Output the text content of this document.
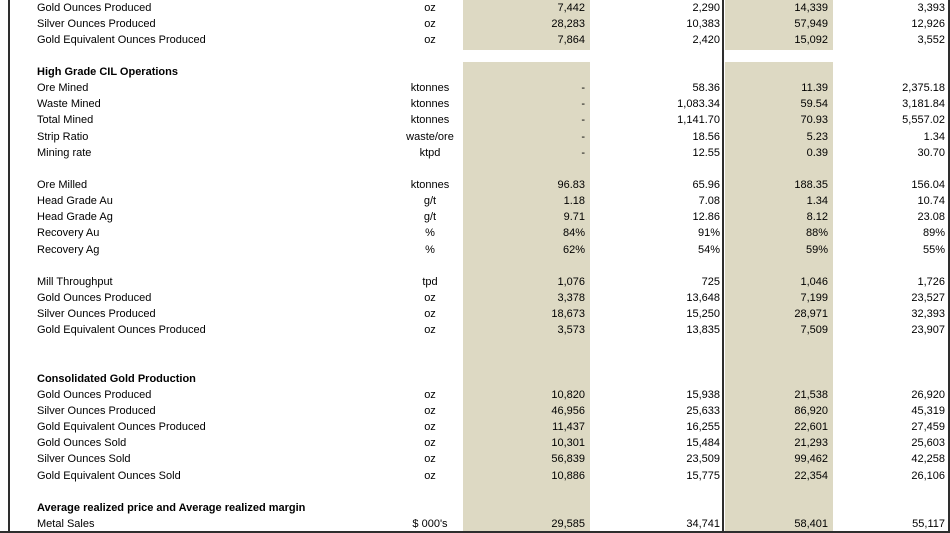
Gold Ounces Produced	oz	7,442	2,290	14,339	3,393
Silver Ounces Produced	oz	28,283	10,383	57,949	12,926
Gold Equivalent Ounces Produced	oz	7,864	2,420	15,092	3,552
High Grade CIL Operations
Ore Mined	ktonnes	-	58.36	11.39	2,375.18
Waste Mined	ktonnes	-	1,083.34	59.54	3,181.84
Total Mined	ktonnes	-	1,141.70	70.93	5,557.02
Strip Ratio	waste/ore	-	18.56	5.23	1.34
Mining rate	ktpd	-	12.55	0.39	30.70
Ore Milled	ktonnes	96.83	65.96	188.35	156.04
Head Grade Au	g/t	1.18	7.08	1.34	10.74
Head Grade Ag	g/t	9.71	12.86	8.12	23.08
Recovery Au	%	84%	91%	88%	89%
Recovery Ag	%	62%	54%	59%	55%
Mill Throughput	tpd	1,076	725	1,046	1,726
Gold Ounces Produced	oz	3,378	13,648	7,199	23,527
Silver Ounces Produced	oz	18,673	15,250	28,971	32,393
Gold Equivalent Ounces Produced	oz	3,573	13,835	7,509	23,907
Consolidated Gold Production
Gold Ounces Produced	oz	10,820	15,938	21,538	26,920
Silver Ounces Produced	oz	46,956	25,633	86,920	45,319
Gold Equivalent Ounces Produced	oz	11,437	16,255	22,601	27,459
Gold Ounces Sold	oz	10,301	15,484	21,293	25,603
Silver Ounces Sold	oz	56,839	23,509	99,462	42,258
Gold Equivalent Ounces Sold	oz	10,886	15,775	22,354	26,106
Average realized price and Average realized margin
Metal Sales	$ 000's	29,585	34,741	58,401	55,117
